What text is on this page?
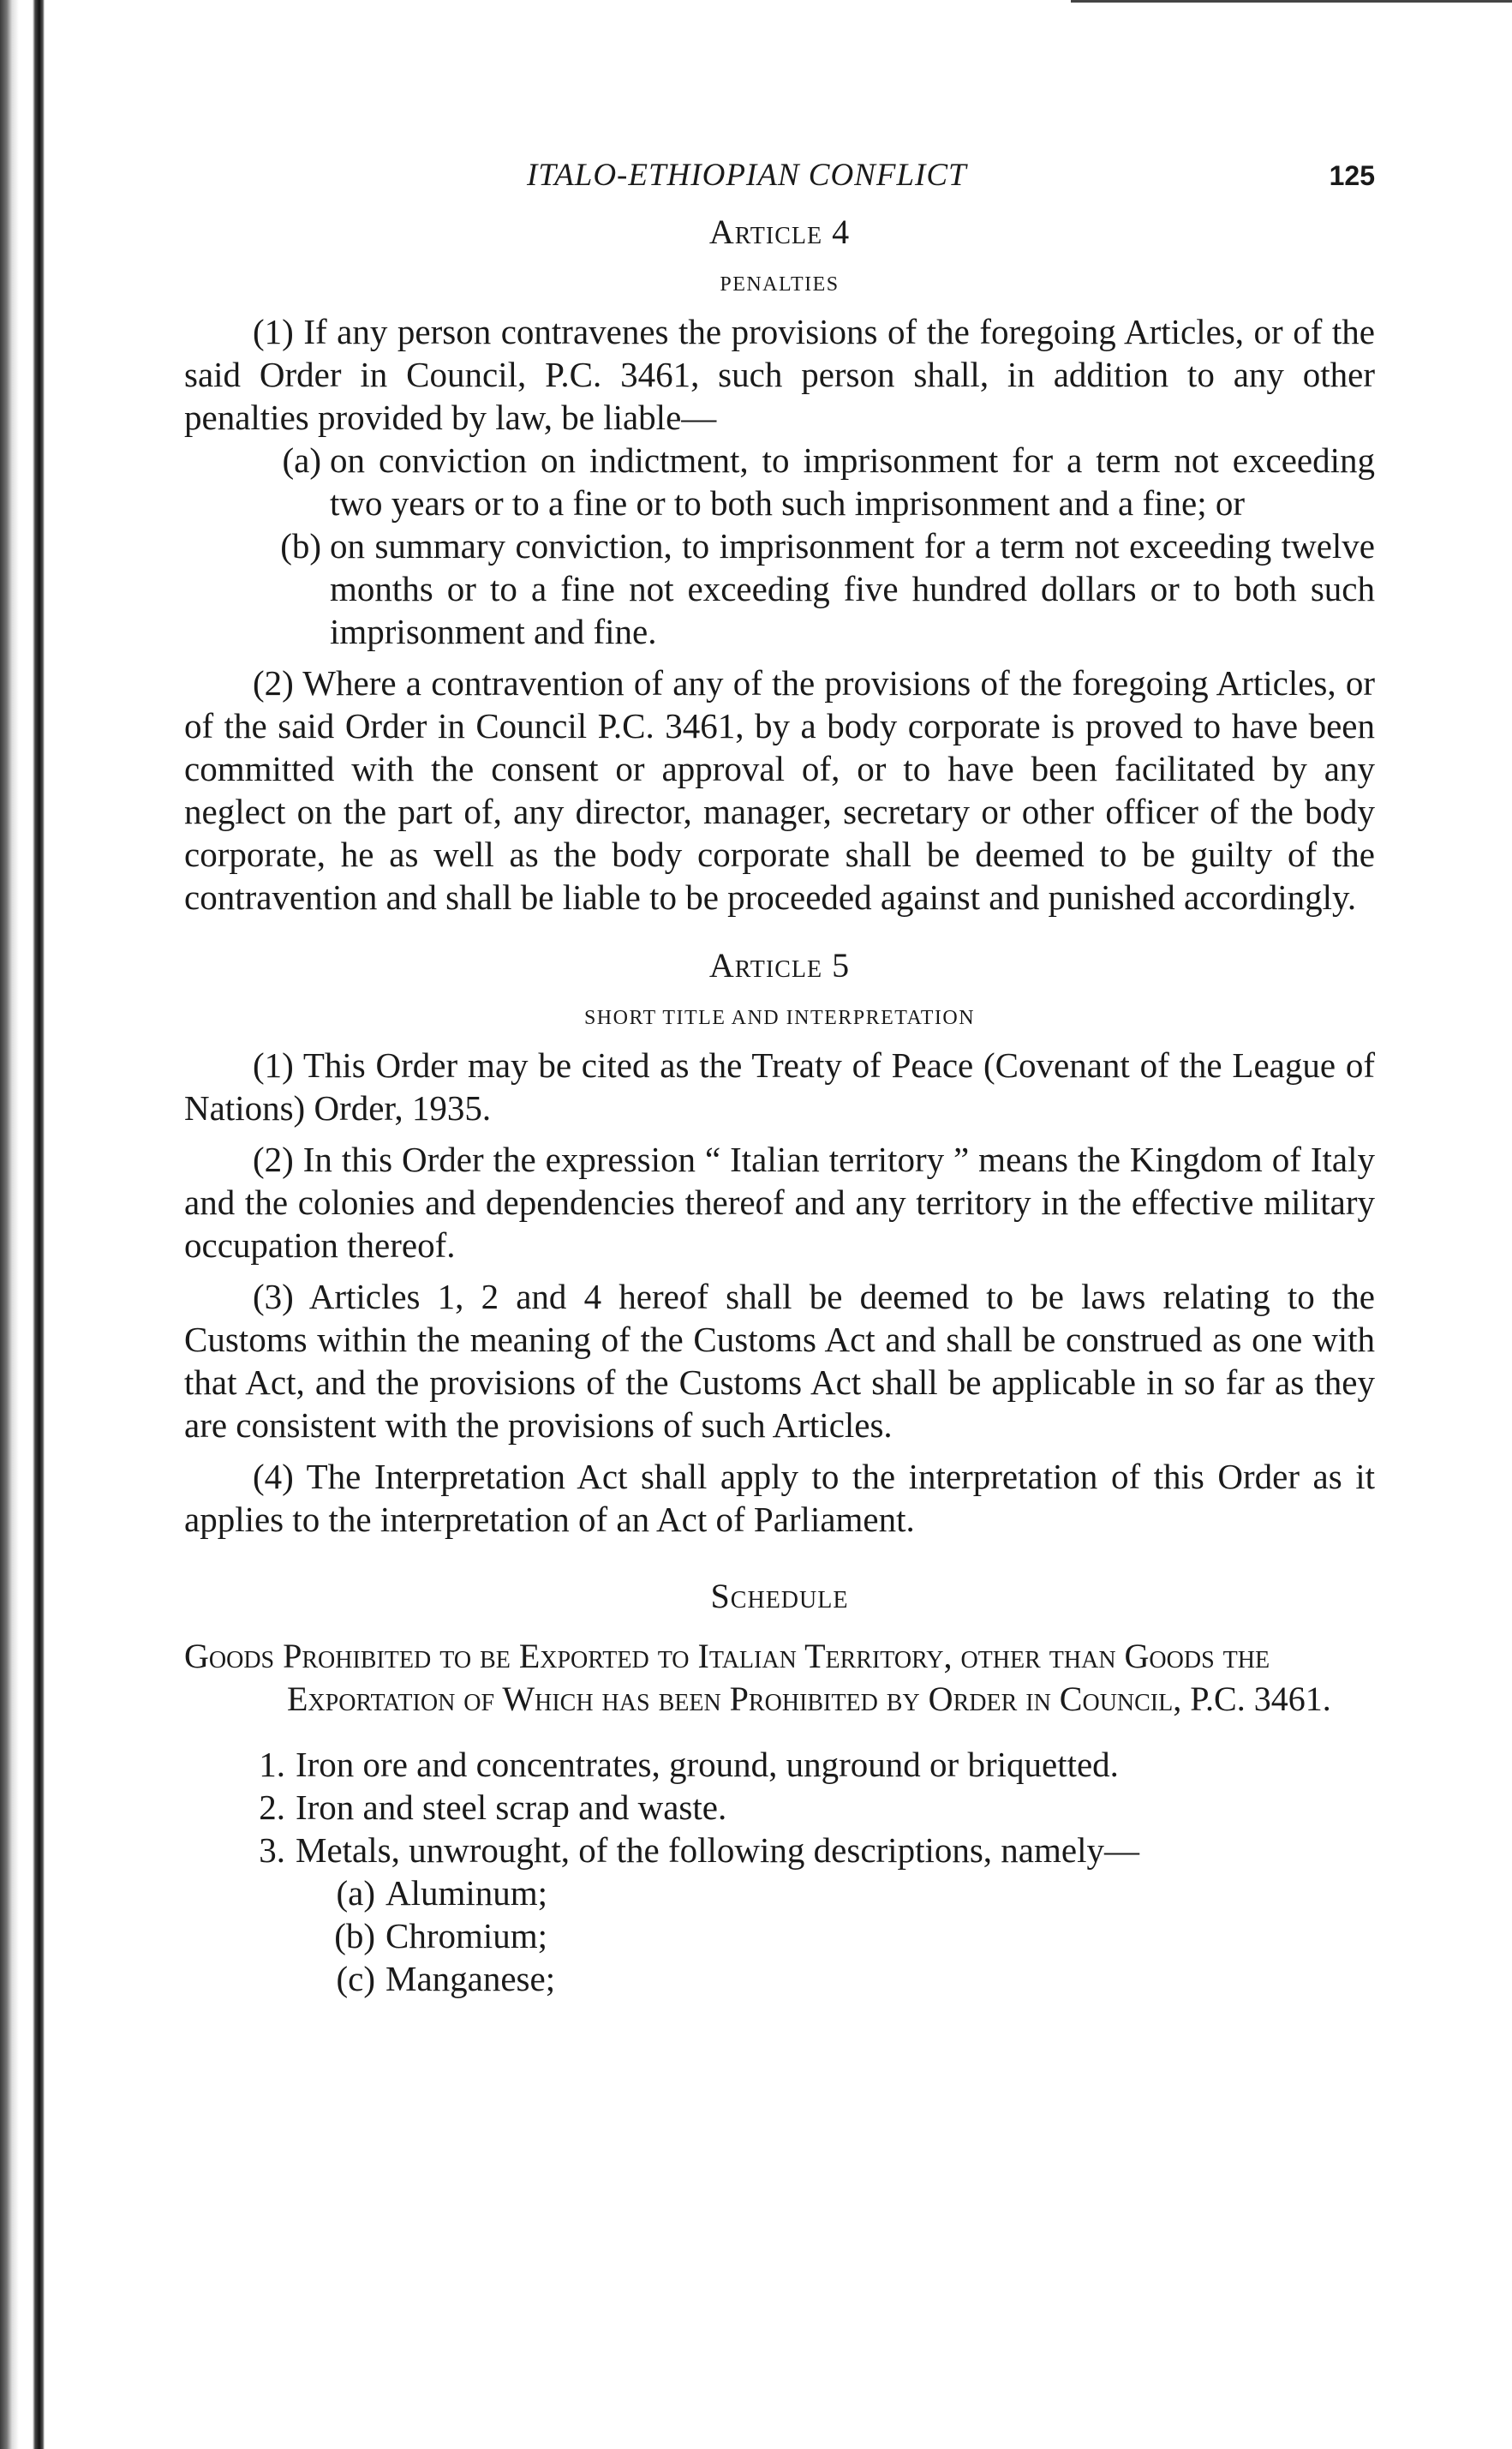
ITALO-ETHIOPIAN CONFLICT	125

Article 4

PENALTIES

(1) If any person contravenes the provisions of the foregoing Articles, or of the said Order in Council, P.C. 3461, such person shall, in addition to any other penalties provided by law, be liable—

(a) on conviction on indictment, to imprisonment for a term not exceeding two years or to a fine or to both such imprisonment and a fine; or
(b) on summary conviction, to imprisonment for a term not exceeding twelve months or to a fine not exceeding five hundred dollars or to both such imprisonment and fine.

(2) Where a contravention of any of the provisions of the foregoing Articles, or of the said Order in Council P.C. 3461, by a body corporate is proved to have been committed with the consent or approval of, or to have been facilitated by any neglect on the part of, any director, manager, secretary or other officer of the body corporate, he as well as the body corporate shall be deemed to be guilty of the contravention and shall be liable to be proceeded against and punished accordingly.

Article 5

SHORT TITLE AND INTERPRETATION

(1) This Order may be cited as the Treaty of Peace (Covenant of the League of Nations) Order, 1935.

(2) In this Order the expression “ Italian territory ” means the Kingdom of Italy and the colonies and dependencies thereof and any territory in the effective military occupation thereof.

(3) Articles 1, 2 and 4 hereof shall be deemed to be laws relating to the Customs within the meaning of the Customs Act and shall be construed as one with that Act, and the provisions of the Customs Act shall be applicable in so far as they are consistent with the provisions of such Articles.

(4) The Interpretation Act shall apply to the interpretation of this Order as it applies to the interpretation of an Act of Parliament.

Schedule

Goods Prohibited to be Exported to Italian Territory, other than Goods the Exportation of Which has been Prohibited by Order in Council, P.C. 3461.

1. Iron ore and concentrates, ground, unground or briquetted.
2. Iron and steel scrap and waste.
3. Metals, unwrought, of the following descriptions, namely—
(a) Aluminum;
(b) Chromium;
(c) Manganese;
